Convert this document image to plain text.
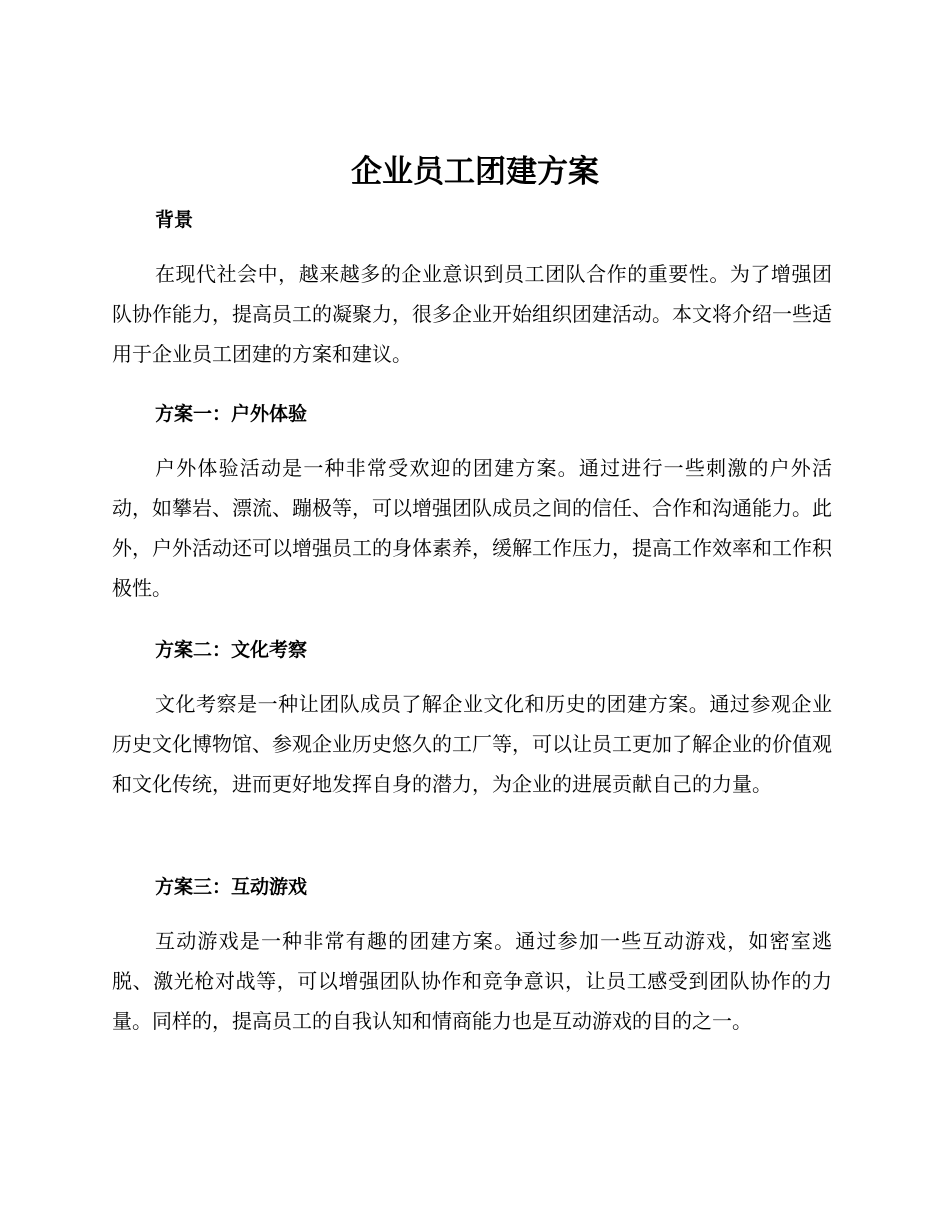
企业员工团建方案
背景

在现代社会中，越来越多的企业意识到员工团队合作的重要性。为了增强团队协作能力，提高员工的凝聚力，很多企业开始组织团建活动。本文将介绍一些适用于企业员工团建的方案和建议。

方案一：户外体验

户外体验活动是一种非常受欢迎的团建方案。通过进行一些刺激的户外活动，如攀岩、漂流、蹦极等，可以增强团队成员之间的信任、合作和沟通能力。此外，户外活动还可以增强员工的身体素养，缓解工作压力，提高工作效率和工作积极性。

方案二：文化考察

文化考察是一种让团队成员了解企业文化和历史的团建方案。通过参观企业历史文化博物馆、参观企业历史悠久的工厂等，可以让员工更加了解企业的价值观和文化传统，进而更好地发挥自身的潜力，为企业的进展贡献自己的力量。

方案三：互动游戏

互动游戏是一种非常有趣的团建方案。通过参加一些互动游戏，如密室逃脱、激光枪对战等，可以增强团队协作和竞争意识，让员工感受到团队协作的力量。同样的，提高员工的自我认知和情商能力也是互动游戏的目的之一。
